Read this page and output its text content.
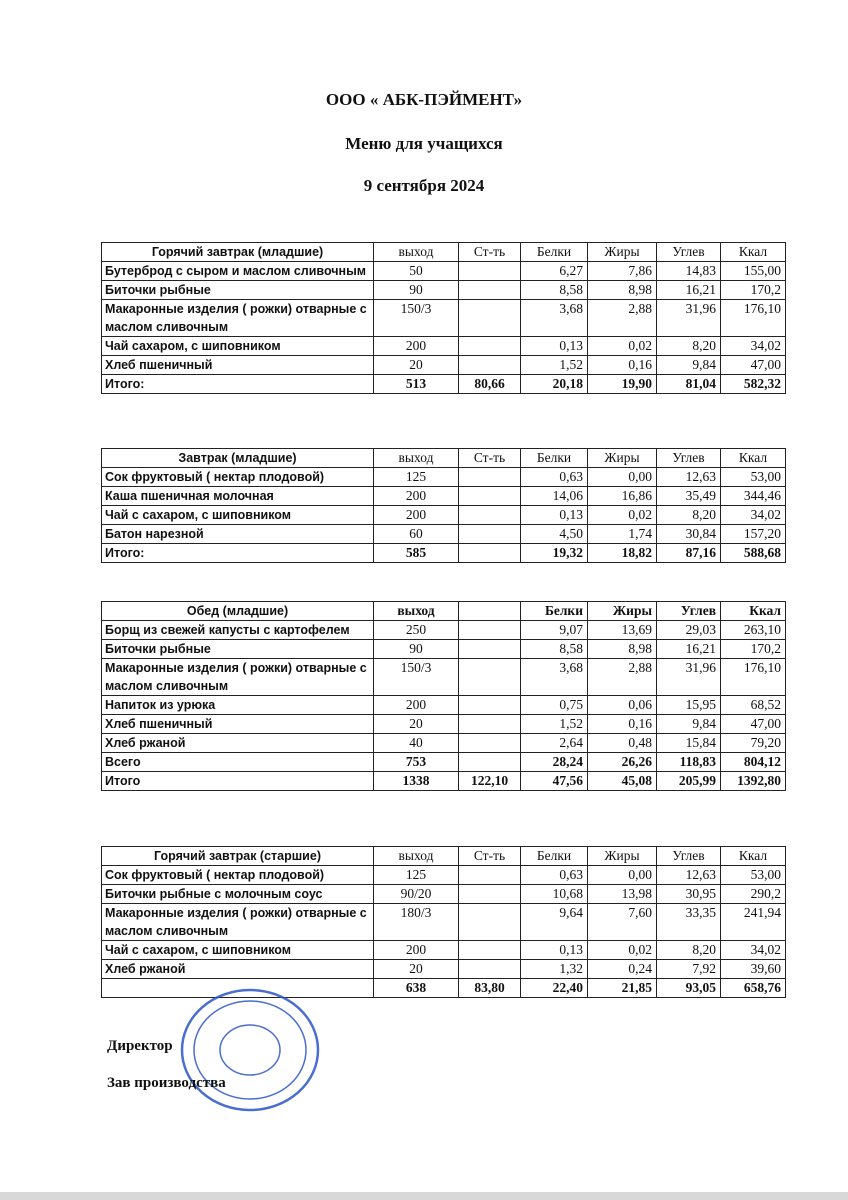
ООО « АБК-ПЭЙМЕНТ»
Меню для учащихся
9 сентября 2024
Горячий завтрак (младшие)	выход	Ст-ть	Белки	Жиры	Углев	Ккал
Бутерброд с сыром и маслом сливочным	50		6,27	7,86	14,83	155,00
Биточки рыбные	90		8,58	8,98	16,21	170,2
Макаронные изделия ( рожки) отварные с маслом сливочным	150/3		3,68	2,88	31,96	176,10
Чай сахаром, с шиповником	200		0,13	0,02	8,20	34,02
Хлеб пшеничный	20		1,52	0,16	9,84	47,00
Итого:	513	80,66	20,18	19,90	81,04	582,32
Завтрак (младшие)	выход	Ст-ть	Белки	Жиры	Углев	Ккал
Сок фруктовый ( нектар плодовой)	125		0,63	0,00	12,63	53,00
Каша пшеничная молочная	200		14,06	16,86	35,49	344,46
Чай с сахаром, с шиповником	200		0,13	0,02	8,20	34,02
Батон нарезной	60		4,50	1,74	30,84	157,20
Итого:	585		19,32	18,82	87,16	588,68
Обед (младшие)	выход		Белки	Жиры	Углев	Ккал
Борщ из свежей капусты с картофелем	250		9,07	13,69	29,03	263,10
Биточки рыбные	90		8,58	8,98	16,21	170,2
Макаронные изделия ( рожки) отварные с маслом сливочным	150/3		3,68	2,88	31,96	176,10
Напиток из урюка	200		0,75	0,06	15,95	68,52
Хлеб пшеничный	20		1,52	0,16	9,84	47,00
Хлеб ржаной	40		2,64	0,48	15,84	79,20
Всего	753		28,24	26,26	118,83	804,12
Итого	1338	122,10	47,56	45,08	205,99	1392,80
Горячий завтрак (старшие)	выход	Ст-ть	Белки	Жиры	Углев	Ккал
Сок фруктовый ( нектар плодовой)	125		0,63	0,00	12,63	53,00
Биточки рыбные с молочным соус	90/20		10,68	13,98	30,95	290,2
Макаронные изделия ( рожки) отварные с маслом сливочным	180/3		9,64	7,60	33,35	241,94
Чай с сахаром, с шиповником	200		0,13	0,02	8,20	34,02
Хлеб ржаной	20		1,32	0,24	7,92	39,60
	638	83,80	22,40	21,85	93,05	658,76
Директор
Зав производства
